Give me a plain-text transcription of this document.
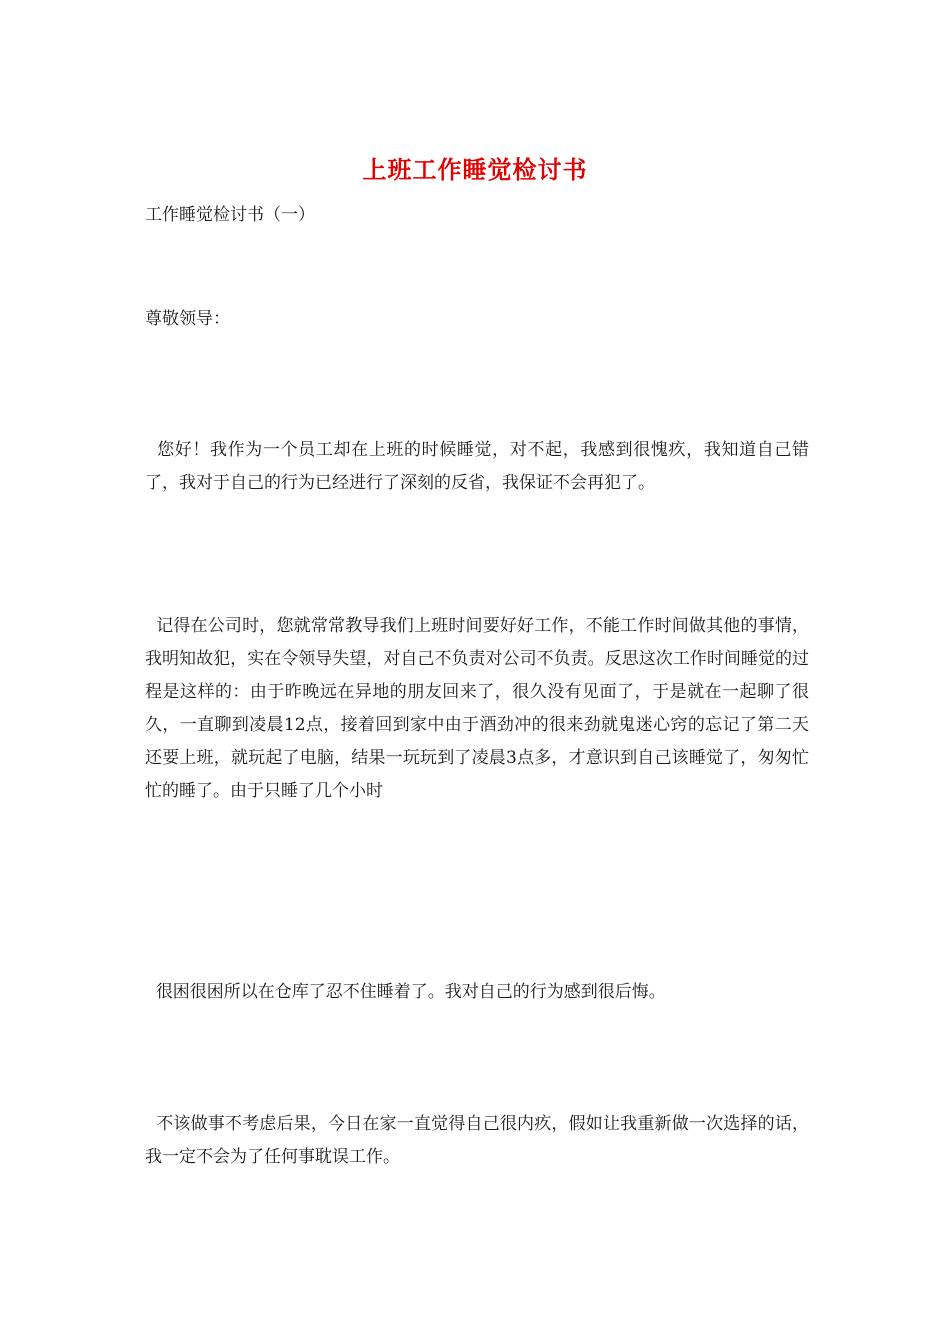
上班工作睡觉检讨书
工作睡觉检讨书（一）
尊敬领导：
您好！我作为一个员工却在上班的时候睡觉，对不起，我感到很愧疚，我知道自己错了，我对于自己的行为已经进行了深刻的反省，我保证不会再犯了。
记得在公司时，您就常常教导我们上班时间要好好工作，不能工作时间做其他的事情，我明知故犯，实在令领导失望，对自己不负责对公司不负责。反思这次工作时间睡觉的过程是这样的：由于昨晚远在异地的朋友回来了，很久没有见面了，于是就在一起聊了很久，一直聊到凌晨12点，接着回到家中由于酒劲冲的很来劲就鬼迷心窍的忘记了第二天还要上班，就玩起了电脑，结果一玩玩到了凌晨3点多，才意识到自己该睡觉了，匆匆忙忙的睡了。由于只睡了几个小时
很困很困所以在仓库了忍不住睡着了。我对自己的行为感到很后悔。
不该做事不考虑后果，今日在家一直觉得自己很内疚，假如让我重新做一次选择的话，我一定不会为了任何事耽误工作。
